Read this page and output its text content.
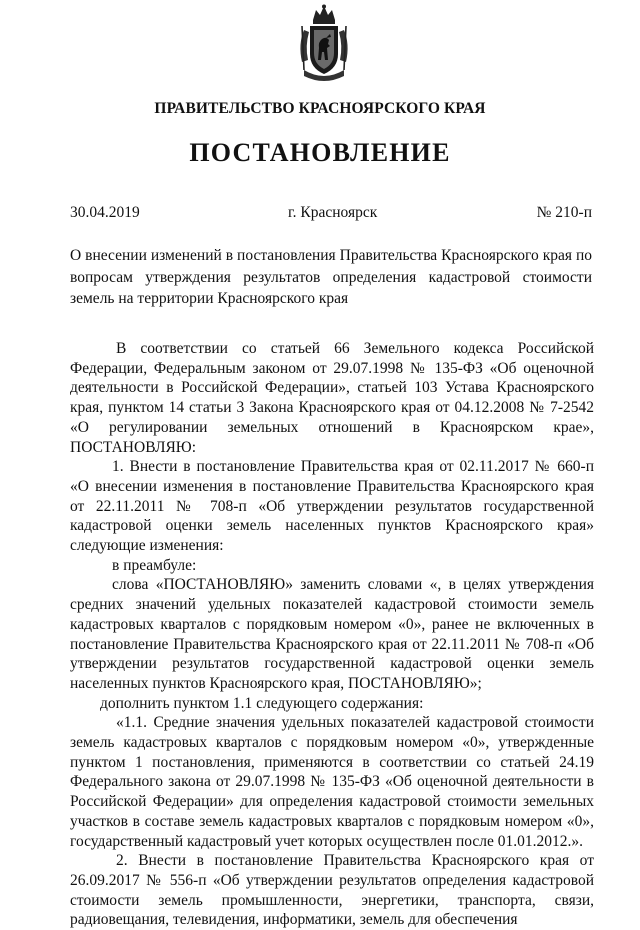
ПРАВИТЕЛЬСТВО КРАСНОЯРСКОГО КРАЯ
ПОСТАНОВЛЕНИЕ
30.04.2019	г. Красноярск	№ 210-п
О внесении изменений в постановления Правительства Красноярского края по вопросам утверждения результатов определения кадастровой стоимости земель на территории Красноярского края

В соответствии со статьей 66 Земельного кодекса Российской Федерации, Федеральным законом от 29.07.1998 № 135-ФЗ «Об оценочной деятельности в Российской Федерации», статьей 103 Устава Красноярского края, пунктом 14 статьи 3 Закона Красноярского края от 04.12.2008 № 7-2542 «О регулировании земельных отношений в Красноярском крае», ПОСТАНОВЛЯЮ:

1. Внести в постановление Правительства края от 02.11.2017 № 660-п «О внесении изменения в постановление Правительства Красноярского края от 22.11.2011 № 708-п «Об утверждении результатов государственной кадастровой оценки земель населенных пунктов Красноярского края» следующие изменения:

в преамбуле:

слова «ПОСТАНОВЛЯЮ» заменить словами «, в целях утверждения средних значений удельных показателей кадастровой стоимости земель кадастровых кварталов с порядковым номером «0», ранее не включенных в постановление Правительства Красноярского края от 22.11.2011 № 708-п «Об утверждении результатов государственной кадастровой оценки земель населенных пунктов Красноярского края, ПОСТАНОВЛЯЮ»;

дополнить пунктом 1.1 следующего содержания:

«1.1. Средние значения удельных показателей кадастровой стоимости земель кадастровых кварталов с порядковым номером «0», утвержденные пунктом 1 постановления, применяются в соответствии со статьей 24.19 Федерального закона от 29.07.1998 № 135-ФЗ «Об оценочной деятельности в Российской Федерации» для определения кадастровой стоимости земельных участков в составе земель кадастровых кварталов с порядковым номером «0», государственный кадастровый учет которых осуществлен после 01.01.2012.».

2. Внести в постановление Правительства Красноярского края от 26.09.2017 № 556-п «Об утверждении результатов определения кадастровой стоимости земель промышленности, энергетики, транспорта, связи, радиовещания, телевидения, информатики, земель для обеспечения
